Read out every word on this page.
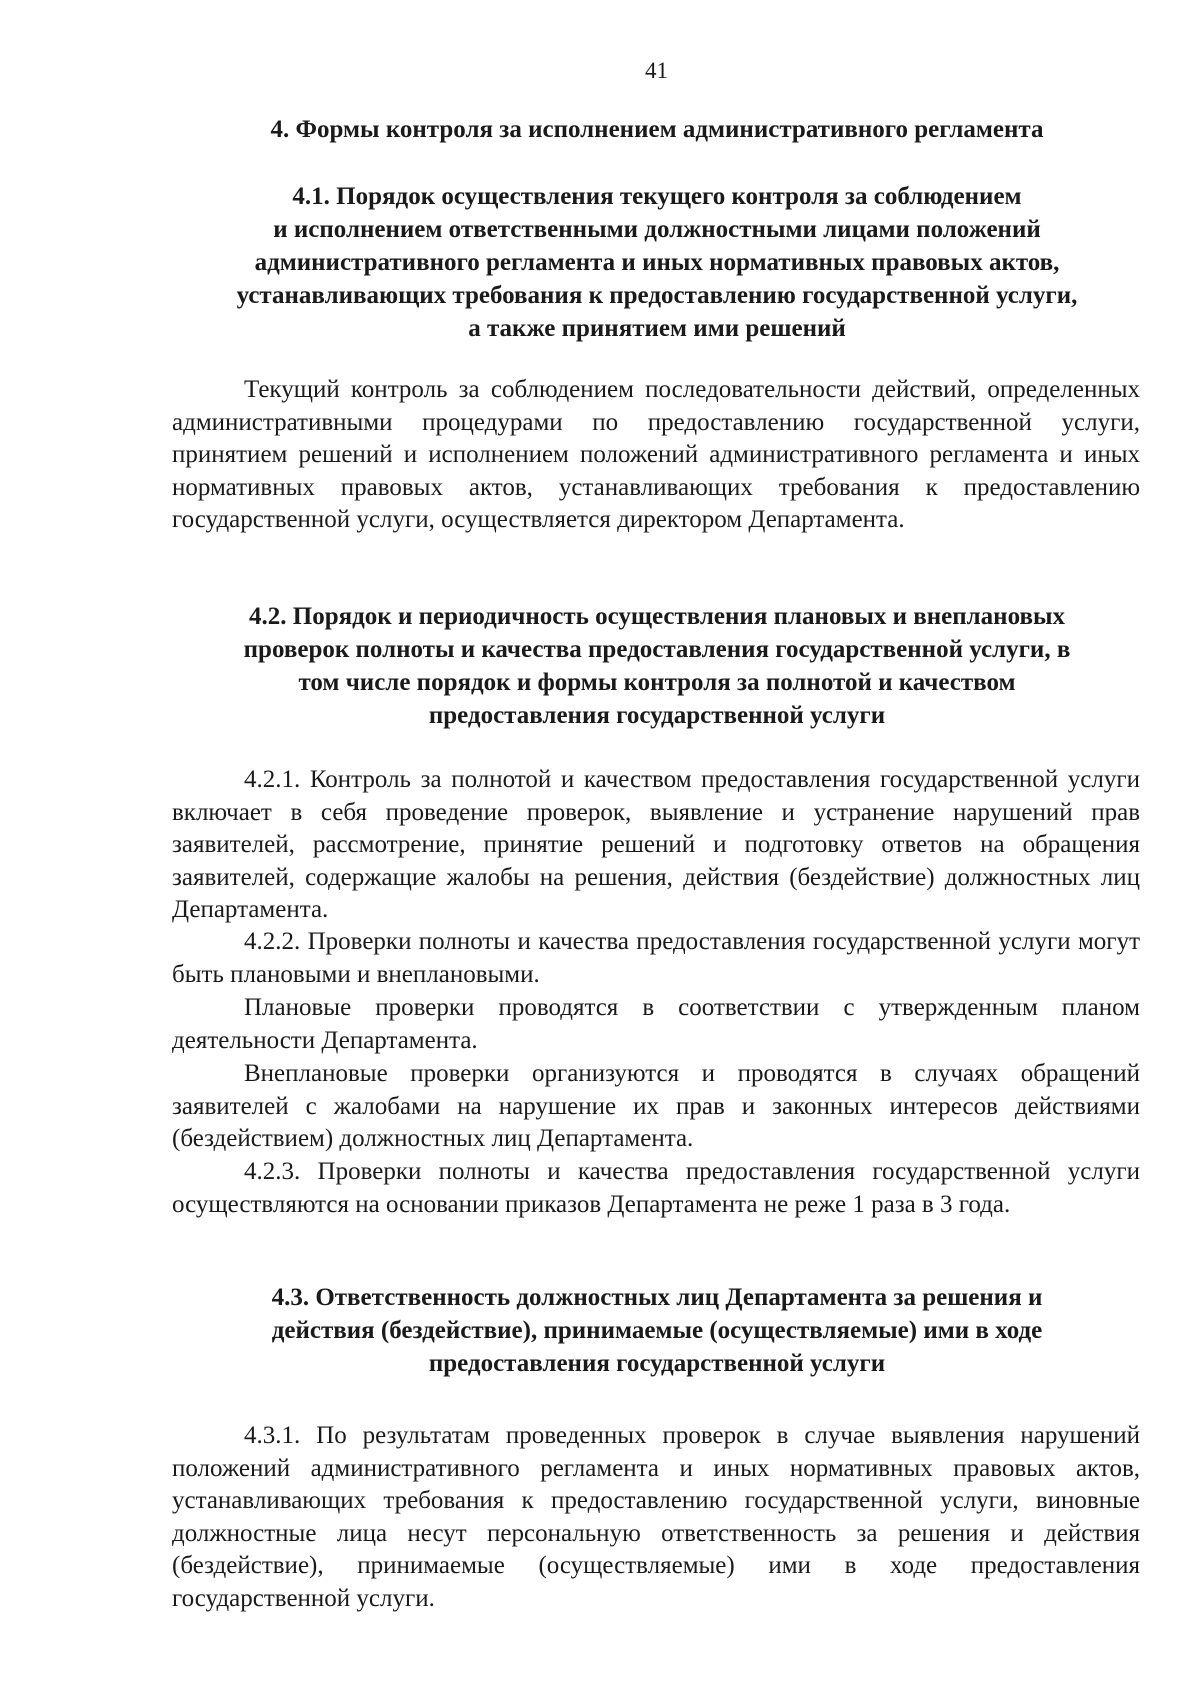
41
4. Формы контроля за исполнением административного регламента
4.1. Порядок осуществления текущего контроля за соблюдением
и исполнением ответственными должностными лицами положений
административного регламента и иных нормативных правовых актов,
устанавливающих требования к предоставлению государственной услуги,
а также принятием ими решений

Текущий контроль за соблюдением последовательности действий, определенных административными процедурами по предоставлению государственной услуги, принятием решений и исполнением положений административного регламента и иных нормативных правовых актов, устанавливающих требования к предоставлению государственной услуги, осуществляется директором Департамента.

4.2. Порядок и периодичность осуществления плановых и внеплановых
проверок полноты и качества предоставления государственной услуги, в
том числе порядок и формы контроля за полнотой и качеством
предоставления государственной услуги

4.2.1. Контроль за полнотой и качеством предоставления государственной услуги включает в себя проведение проверок, выявление и устранение нарушений прав заявителей, рассмотрение, принятие решений и подготовку ответов на обращения заявителей, содержащие жалобы на решения, действия (бездействие) должностных лиц Департамента.

4.2.2. Проверки полноты и качества предоставления государственной услуги могут быть плановыми и внеплановыми.

Плановые проверки проводятся в соответствии с утвержденным планом деятельности Департамента.

Внеплановые проверки организуются и проводятся в случаях обращений заявителей с жалобами на нарушение их прав и законных интересов действиями (бездействием) должностных лиц Департамента.

4.2.3. Проверки полноты и качества предоставления государственной услуги осуществляются на основании приказов Департамента не реже 1 раза в 3 года.

4.3. Ответственность должностных лиц Департамента за решения и
действия (бездействие), принимаемые (осуществляемые) ими в ходе
предоставления государственной услуги

4.3.1. По результатам проведенных проверок в случае выявления нарушений положений административного регламента и иных нормативных правовых актов, устанавливающих требования к предоставлению государственной услуги, виновные должностные лица несут персональную ответственность за решения и действия (бездействие), принимаемые (осуществляемые) ими в ходе предоставления государственной услуги.
